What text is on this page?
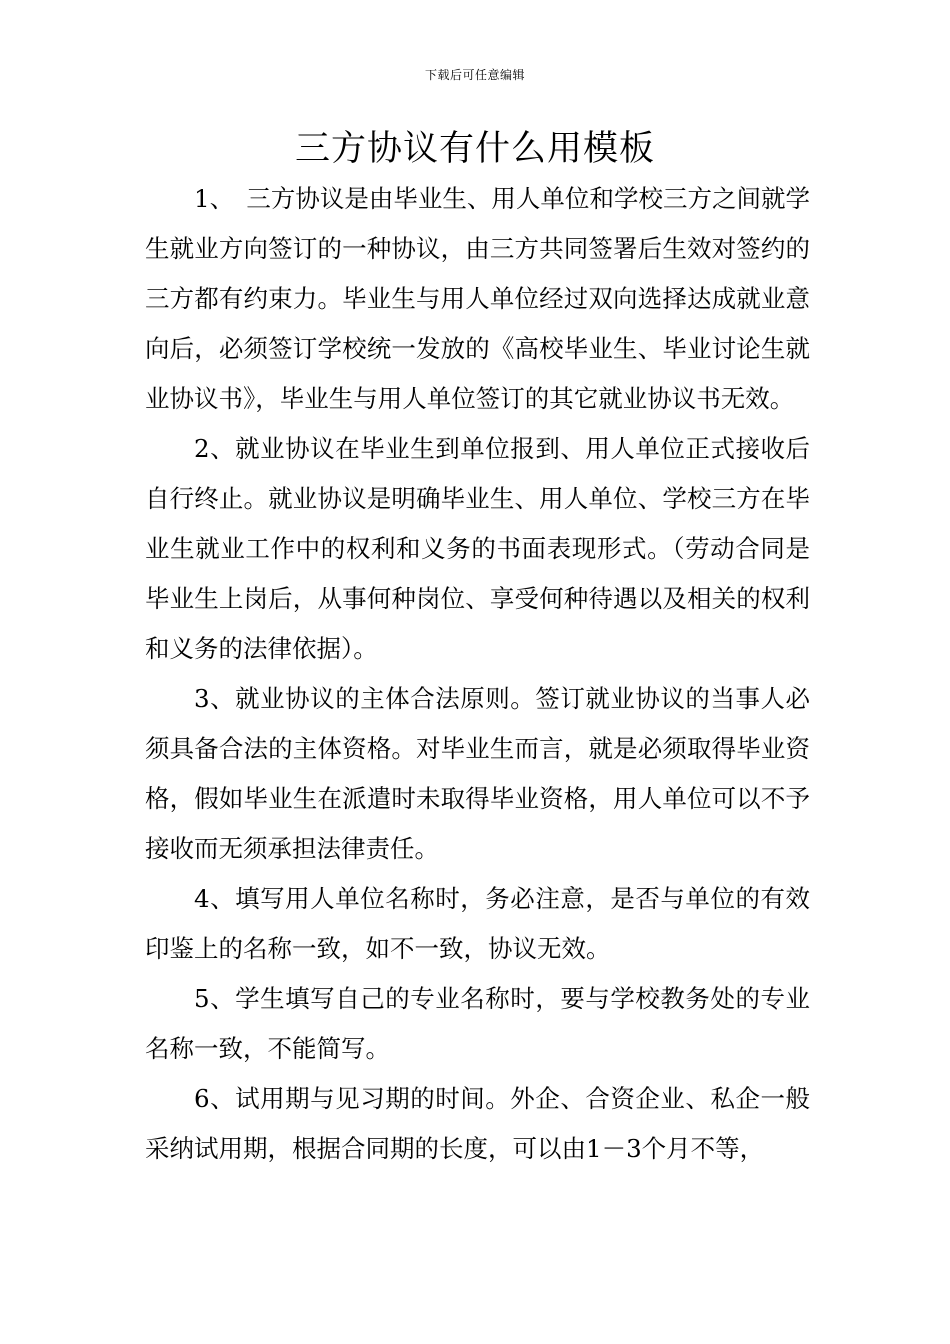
下载后可任意编辑
三方协议有什么用模板

1、　三方协议是由毕业生、用人单位和学校三方之间就学生就业方向签订的一种协议，由三方共同签署后生效对签约的三方都有约束力。毕业生与用人单位经过双向选择达成就业意向后，必须签订学校统一发放的《高校毕业生、毕业讨论生就业协议书》，毕业生与用人单位签订的其它就业协议书无效。

2、就业协议在毕业生到单位报到、用人单位正式接收后自行终止。就业协议是明确毕业生、用人单位、学校三方在毕业生就业工作中的权利和义务的书面表现形式。（劳动合同是毕业生上岗后，从事何种岗位、享受何种待遇以及相关的权利和义务的法律依据）。

3、就业协议的主体合法原则。签订就业协议的当事人必须具备合法的主体资格。对毕业生而言，就是必须取得毕业资格，假如毕业生在派遣时未取得毕业资格，用人单位可以不予接收而无须承担法律责任。

4、填写用人单位名称时，务必注意，是否与单位的有效印鉴上的名称一致，如不一致，协议无效。

5、学生填写自己的专业名称时，要与学校教务处的专业名称一致，不能简写。

6、试用期与见习期的时间。外企、合资企业、私企一般采纳试用期，根据合同期的长度，可以由1－3个月不等，
